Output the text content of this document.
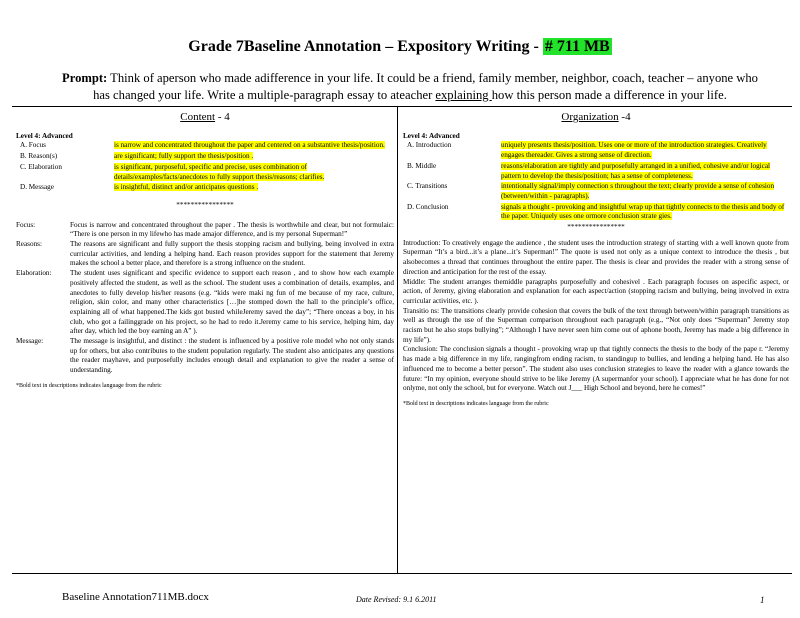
Grade 7Baseline Annotation – Expository Writing - # 711 MB
Prompt: Think of aperson who made adifference in your life. It could be a friend, family member, neighbor, coach, teacher – anyone who has changed your life. Write a multiple-paragraph essay to ateacher explaining how this person made a difference in your life.
Content - 4
Level 4: Advanced
A. Focus	is narrow and concentrated throughout the paper and centered on a substantive thesis/position.
B. Reason(s)	are significant; fully support the thesis/position .
C. Elaboration	is significant, purposeful, specific and precise, uses combination of details/examples/facts/anecdotes to fully support thesis/reasons; clarifies.
D. Message	is insightful, distinct and/or anticipates questions .
****************
Focus:	Focus is narrow and concentrated throughout the paper . The thesis is worthwhile and clear, but not formulaic: “There is one person in my lifewho has made amajor difference, and is my personal Superman!”
Reasons:	The reasons are significant and fully support the thesis stopping racism and bullying, being involved in extra curricular activities, and lending a helping hand. Each reason provides support for the statement that Jeremy makes the school a better place, and therefore is a strong influence on the student.
Elaboration:	The student uses significant and specific evidence to support each reason , and to show how each example positively affected the student, as well as the school. The student uses a combination of details, examples, and anecdotes to fully develop his/her reasons (e.g. “kids were maki ng fun of me because of my race, culture, religion, skin color, and many other characteristics […]he stomped down the hall to the principle’s office, explaining all of what happened.The kids got busted whileJeremy saved the day”; “There onceas a boy, in his club, who got a failinggrade on his project, so he had to redo it.Jeremy came to his service, helping him, day after day, which led the boy earning an A” ).
Message:	The message is insightful, and distinct : the student is influenced by a positive role model who not only stands up for others, but also contributes to the student population regularly. The student also anticipates any questions the reader mayhave, and purposefully includes enough detail and explanation to give the reader a sense of understanding.
*Bold text in descriptions indicates language from the rubric
Organization -4
Level 4: Advanced
A. Introduction	uniquely presents thesis/position. Uses one or more of the introduction strategies. Creatively engages thereader. Gives a strong sense of direction.
B. Middle	reasons/elaboration are tightly and purposefully arranged in a unified, cohesive and/or logical pattern to develop the thesis/position; has a sense of completeness.
C. Transitions	intentionally signal/imply connection s throughout the text; clearly provide a sense of cohesion (between/within - paragraphs).
D. Conclusion	signals a thought - provoking and insightful wrap up that tightly connects to the thesis and body of the paper. Uniquely uses one ormore conclusion strate gies.
****************
Introduction: To creatively engage the audience , the student uses the introduction strategy of starting with a well known quote from Superman “It’s a bird...it’s a plane...it’s Superman!” The quote is used not only as a unique context to introduce the thesis , but alsobecomes a thread that continues throughout the entire paper. The thesis is clear and provides the reader with a strong sense of direction and anticipation for the rest of the essay.
Middle: The student arranges themiddle paragraphs purposefully and cohesivel . Each paragraph focuses on aspecific aspect, or action, of Jeremy, giving elaboration and explanation for each aspect/action (stopping racism and bullying, being involved in extra curricular activities, etc. ).
Transitio ns: The transitions clearly provide cohesion that covers the bulk of the text through between/within paragraph transitions as well as through the use of the Superman comparison throughout each paragraph (e.g., “Not only does “Superman” Jeremy stop racism but he also stops bullying”; “Although I have never seen him come out of aphone booth, Jeremy has made a big difference in my life”).
Conclusion: The conclusion signals a thought - provoking wrap up that tightly connects the thesis to the body of the pape r. “Jeremy has made a big difference in my life, rangingfrom ending racism, to standingup to bullies, and lending a helping hand. He has also influenced me to become a better person”. The student also uses conclusion strategies to leave the reader with a glance towards the future: “In my opinion, everyone should strive to be like Jeremy (A supermanfor your school). I appreciate what he has done for not onlyme, not only the school, but for everyone. Watch out J___ High School and beyond, here he comes!”
*Bold text in descriptions indicates language from the rubric
Baseline Annotation711MB.docx	Date Revised: 9.1 6.2011	1
